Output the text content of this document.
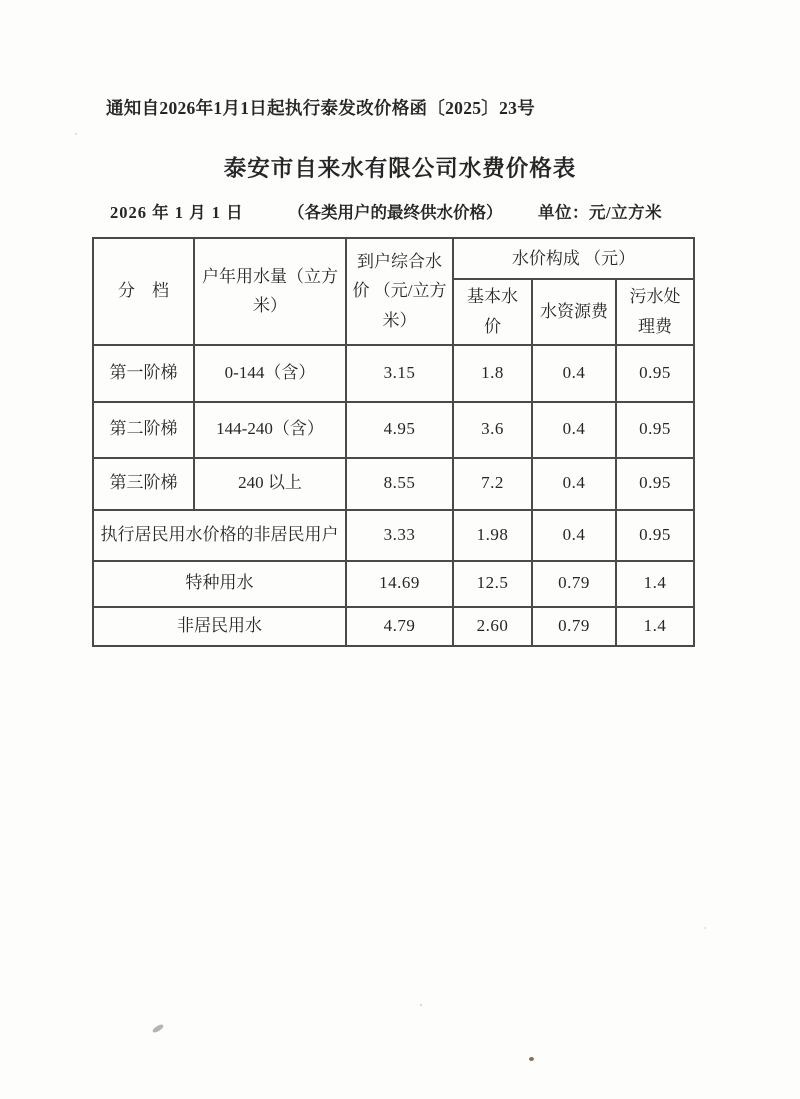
通知自2026年1月1日起执行泰发改价格函〔2025〕23号
泰安市自来水有限公司水费价格表
2026 年 1 月 1 日	（各类用户的最终供水价格） 单位：元/立方米
分　档	户年用水量（立方米）	到户综合水价 （元/立方米）	水价构成 （元）		
			基本水价	水资源费	污水处理费
第一阶梯	0-144（含）	3.15	1.8	0.4	0.95
第二阶梯	144-240（含）	4.95	3.6	0.4	0.95
第三阶梯	240 以上	8.55	7.2	0.4	0.95
执行居民用水价格的非居民用户		3.33	1.98	0.4	0.95
特种用水		14.69	12.5	0.79	1.4
非居民用水		4.79	2.60	0.79	1.4
